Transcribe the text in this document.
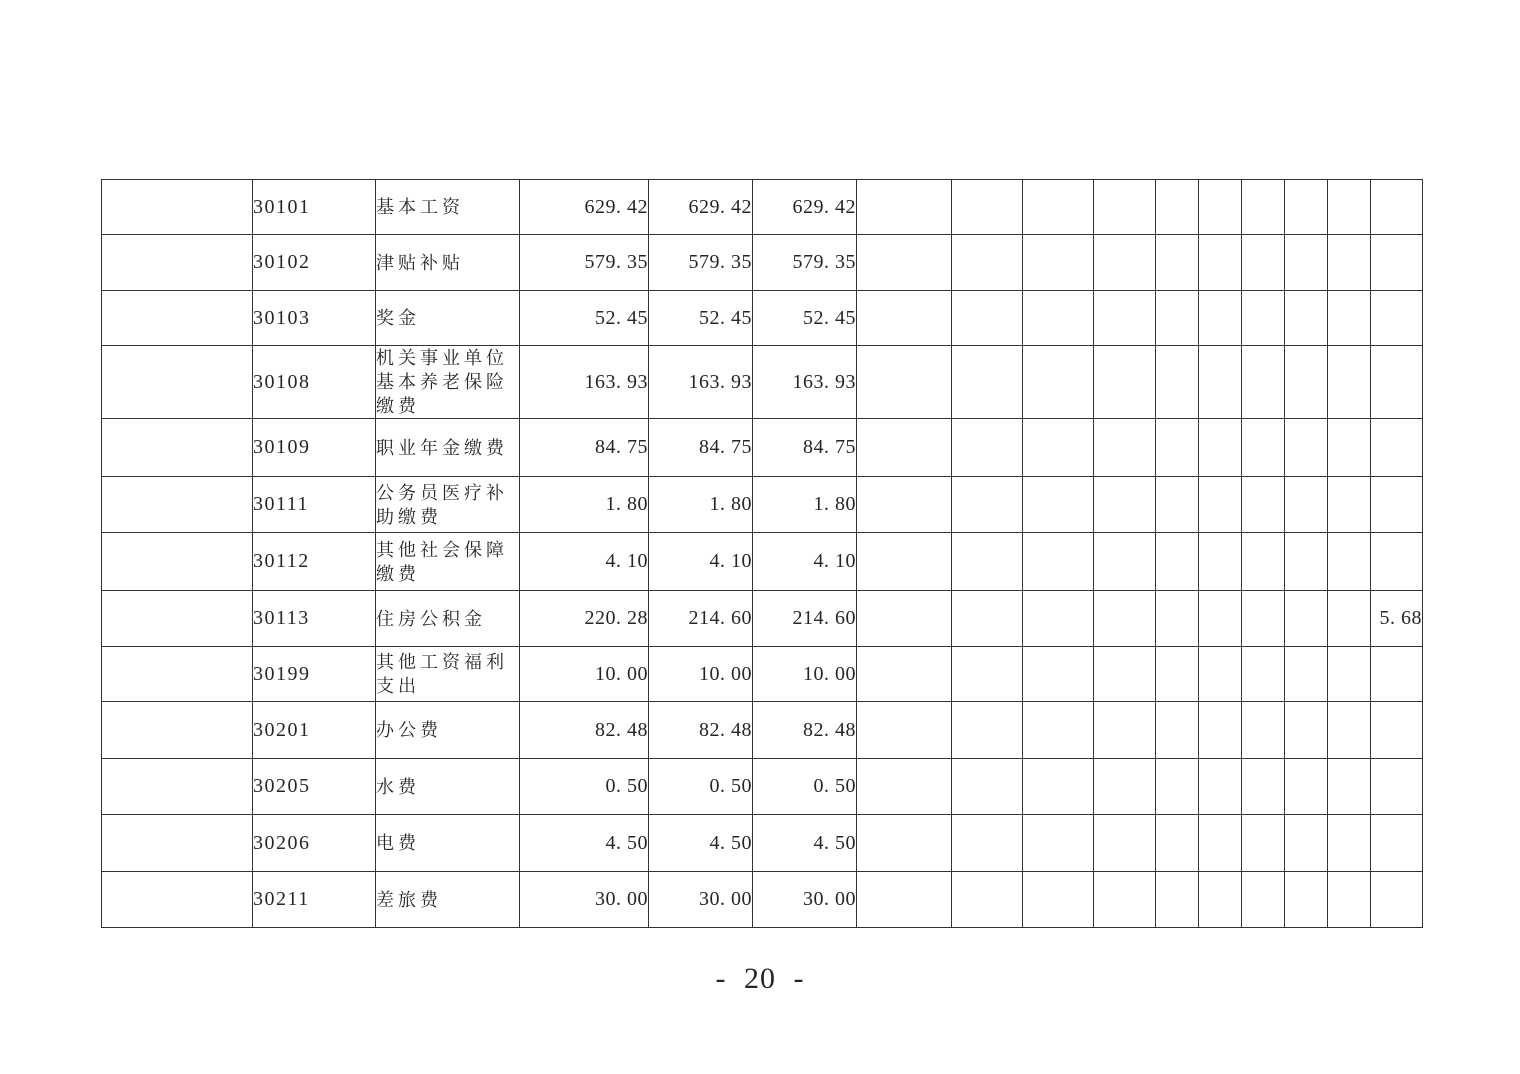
	30101	基本工资	629. 42	629. 42	629. 42										
	30102	津贴补贴	579. 35	579. 35	579. 35										
	30103	奖金	52. 45	52. 45	52. 45										
	30108	机关事业单位
基本养老保险
缴费	163. 93	163. 93	163. 93										
	30109	职业年金缴费	84. 75	84. 75	84. 75										
	30111	公务员医疗补
助缴费	1. 80	1. 80	1. 80										
	30112	其他社会保障
缴费	4. 10	4. 10	4. 10										
	30113	住房公积金	220. 28	214. 60	214. 60										5. 68
	30199	其他工资福利
支出	10. 00	10. 00	10. 00										
	30201	办公费	82. 48	82. 48	82. 48										
	30205	水费	0. 50	0. 50	0. 50										
	30206	电费	4. 50	4. 50	4. 50										
	30211	差旅费	30. 00	30. 00	30. 00										
- 20 -
